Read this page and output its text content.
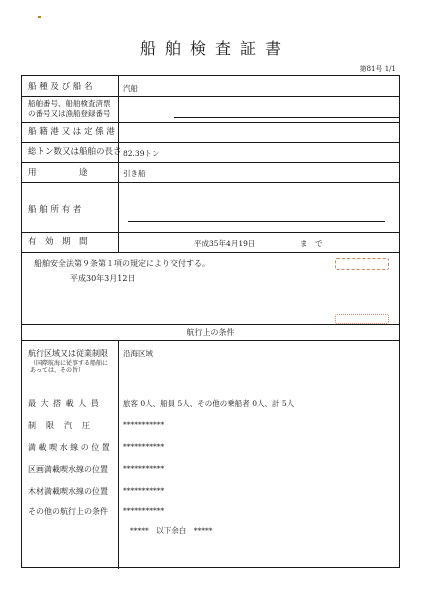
船舶検査証書
第81号 1/1
船 種 及 び 船 名	汽船
船舶番号、船舶検査済票の番号又は漁船登録番号
船 籍 港 又 は 定 係 港
総トン数又は船舶の長さ 82.39トン
用　　　　　途	引き船
船 舶 所 有 者
有　効　期　間	平成35年4月19日	ま　で
船舶安全法第９条第１項の規定により交付する。
平成30年3月12日
航行上の条件
航行区域又は従業制限
（国際航海に従事する船舶にあっては、その旨）
沿海区域
最 大 搭 載 人 員	旅客 0人、船員 5人、その他の乗船者 0人、計 5人
制　限　汽　圧	***********
満 載 喫 水 線 の 位 置 ***********
区画満載喫水線の位置 ***********
木材満載喫水線の位置 ***********
その他の航行上の条件 ***********
*****　以下余白　*****
